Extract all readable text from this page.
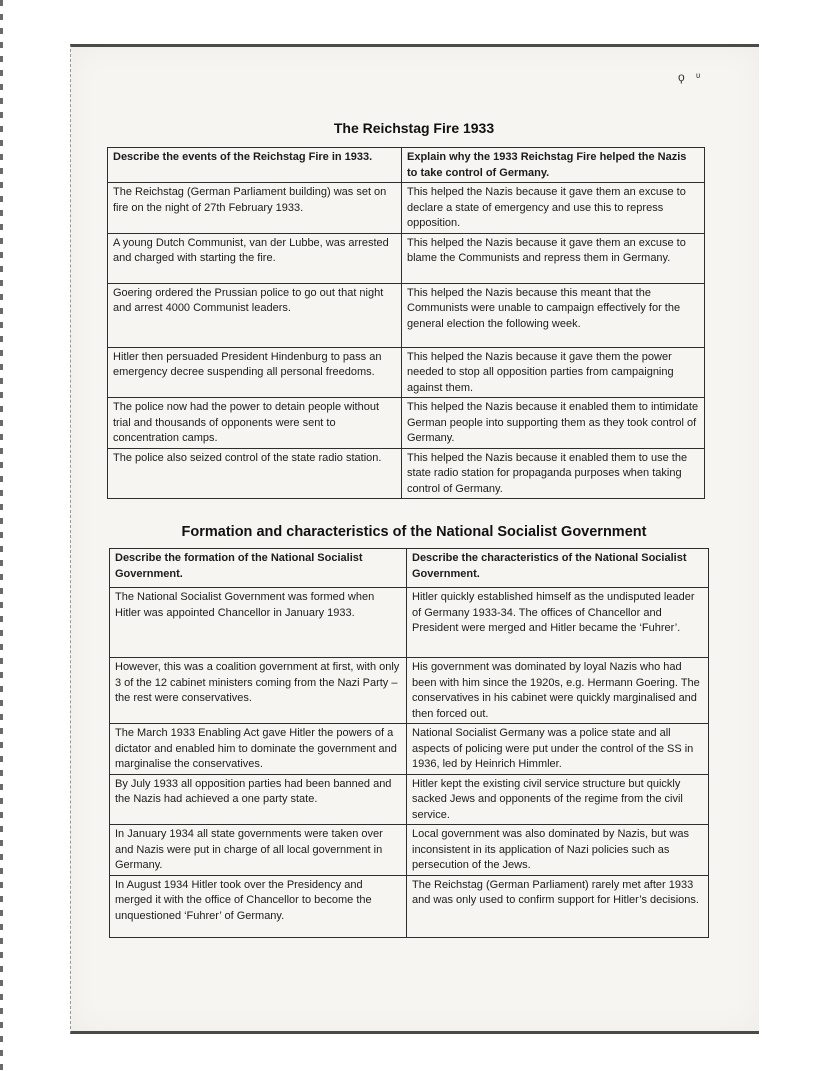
ϙ ᶹ
The Reichstag Fire 1933
Describe the events of the Reichstag Fire in 1933.	Explain why the 1933 Reichstag Fire helped the Nazis to take control of Germany.
The Reichstag (German Parliament building) was set on fire on the night of 27th February 1933.	This helped the Nazis because it gave them an excuse to declare a state of emergency and use this to repress opposition.
A young Dutch Communist, van der Lubbe, was arrested and charged with starting the fire.	This helped the Nazis because it gave them an excuse to blame the Communists and repress them in Germany.
Goering ordered the Prussian police to go out that night and arrest 4000 Communist leaders.	This helped the Nazis because this meant that the Communists were unable to campaign effectively for the general election the following week.
Hitler then persuaded President Hindenburg to pass an emergency decree suspending all personal freedoms.	This helped the Nazis because it gave them the power needed to stop all opposition parties from campaigning against them.
The police now had the power to detain people without trial and thousands of opponents were sent to concentration camps.	This helped the Nazis because it enabled them to intimidate German people into supporting them as they took control of Germany.
The police also seized control of the state radio station.	This helped the Nazis because it enabled them to use the state radio station for propaganda purposes when taking control of Germany.
Formation and characteristics of the National Socialist Government
Describe the formation of the National Socialist Government.	Describe the characteristics of the National Socialist Government.
The National Socialist Government was formed when Hitler was appointed Chancellor in January 1933.	Hitler quickly established himself as the undisputed leader of Germany 1933-34. The offices of Chancellor and President were merged and Hitler became the ‘Fuhrer’.
However, this was a coalition government at first, with only 3 of the 12 cabinet ministers coming from the Nazi Party – the rest were conservatives.	His government was dominated by loyal Nazis who had been with him since the 1920s, e.g. Hermann Goering. The conservatives in his cabinet were quickly marginalised and then forced out.
The March 1933 Enabling Act gave Hitler the powers of a dictator and enabled him to dominate the government and marginalise the conservatives.	National Socialist Germany was a police state and all aspects of policing were put under the control of the SS in 1936, led by Heinrich Himmler.
By July 1933 all opposition parties had been banned and the Nazis had achieved a one party state.	Hitler kept the existing civil service structure but quickly sacked Jews and opponents of the regime from the civil service.
In January 1934 all state governments were taken over and Nazis were put in charge of all local government in Germany.	Local government was also dominated by Nazis, but was inconsistent in its application of Nazi policies such as persecution of the Jews.
In August 1934 Hitler took over the Presidency and merged it with the office of Chancellor to become the unquestioned ‘Fuhrer’ of Germany.	The Reichstag (German Parliament) rarely met after 1933 and was only used to confirm support for Hitler’s decisions.
